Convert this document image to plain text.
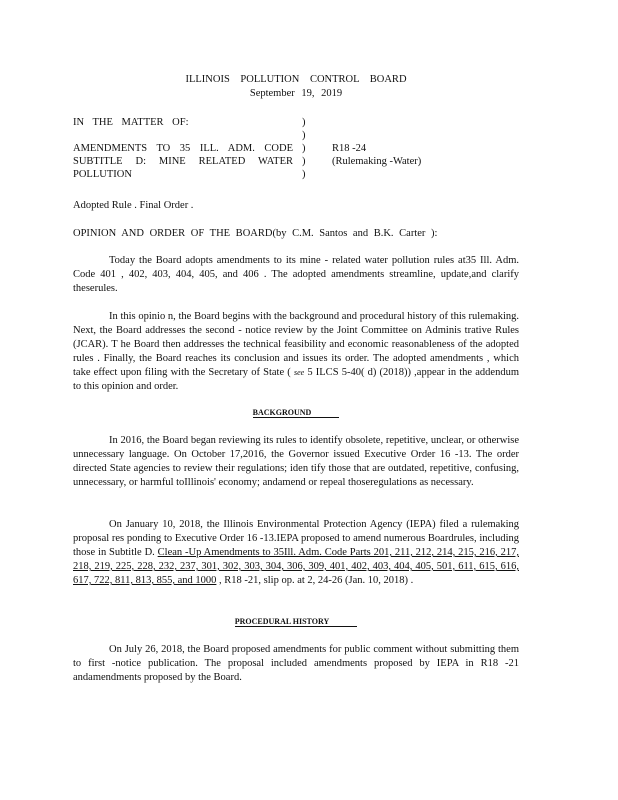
ILLINOIS POLLUTION CONTROL BOARD
September 19, 2019
IN THE MATTER OF:
AMENDMENTS TO 35 ILL. ADM. CODE SUBTITLE D: MINE RELATED WATER POLLUTION
)
)
)
)
)
R18 -24
(Rulemaking -Water)
Adopted Rule . Final Order .
OPINION AND ORDER OF THE BOARD(by C.M. Santos and B.K. Carter ):
Today the Board adopts amendments to its mine - related water pollution rules at35 Ill. Adm. Code 401 , 402, 403, 404, 405, and 406 . The adopted amendments streamline, update,and clarify theserules.
In this opinio n, the Board begins with the background and procedural history of this rulemaking. Next, the Board addresses the second - notice review by the Joint Committee on Adminis trative Rules (JCAR). T he Board then addresses the technical feasibility and economic reasonableness of the adopted rules . Finally, the Board reaches its conclusion and issues its order. The adopted amendments , which take effect upon filing with the Secretary of State ( see 5 ILCS 5-40( d) (2018)) ,appear in the addendum to this opinion and order.
BACKGROUND
In 2016, the Board began reviewing its rules to identify obsolete, repetitive, unclear, or otherwise unnecessary language. On October 17,2016, the Governor issued Executive Order 16 -13. The order directed State agencies to review their regulations; iden tify those that are outdated, repetitive, confusing, unnecessary, or harmful toIllinois' economy; andamend or repeal thoseregulations as necessary.
On January 10, 2018, the Illinois Environmental Protection Agency (IEPA) filed a rulemaking proposal res ponding to Executive Order 16 -13.IEPA proposed to amend numerous Boardrules, including those in Subtitle D. Clean -Up Amendments to 35Ill. Adm. Code Parts 201, 211, 212, 214, 215, 216, 217, 218, 219, 225, 228, 232, 237, 301, 302, 303, 304, 306, 309, 401, 402, 403, 404, 405, 501, 611, 615, 616, 617, 722, 811, 813, 855, and 1000 , R18 -21, slip op. at 2, 24-26 (Jan. 10, 2018) .
PROCEDURAL HISTORY
On July 26, 2018, the Board proposed amendments for public comment without submitting them to first -notice publication. The proposal included amendments proposed by IEPA in R18 -21 andamendments proposed by the Board.
